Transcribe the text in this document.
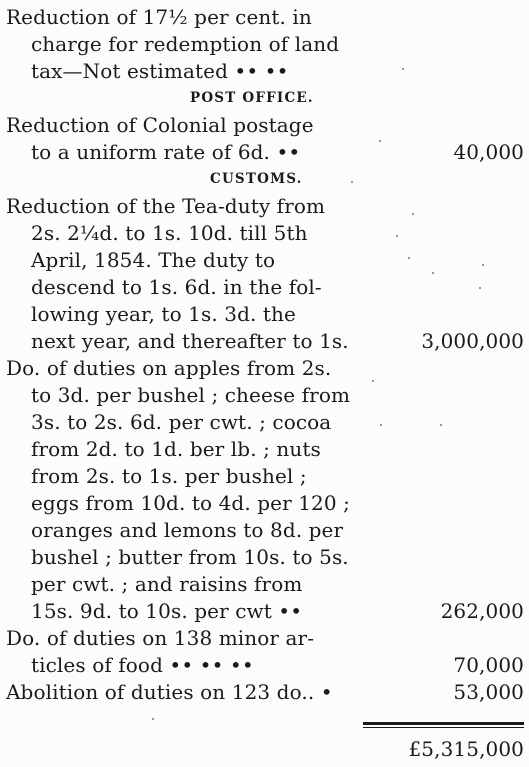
Reduction of 17½ per cent. in
charge for redemption of land
tax—Not estimated •• ••
POST OFFICE.
Reduction of Colonial postage
to a uniform rate of 6d. ••	40,000
CUSTOMS.
Reduction of the Tea-duty from
2s. 2¼d. to 1s. 10d. till 5th
April, 1854. The duty to
descend to 1s. 6d. in the fol-
lowing year, to 1s. 3d. the
next year, and thereafter to 1s.	3,000,000
Do. of duties on apples from 2s.
to 3d. per bushel ; cheese from
3s. to 2s. 6d. per cwt. ; cocoa
from 2d. to 1d. ber lb. ; nuts
from 2s. to 1s. per bushel ;
eggs from 10d. to 4d. per 120 ;
oranges and lemons to 8d. per
bushel ; butter from 10s. to 5s.
per cwt. ; and raisins from
15s. 9d. to 10s. per cwt ••	262,000
Do. of duties on 138 minor ar-
ticles of food •• •• ••	70,000
Abolition of duties on 123 do.. •	53,000
£5,315,000
